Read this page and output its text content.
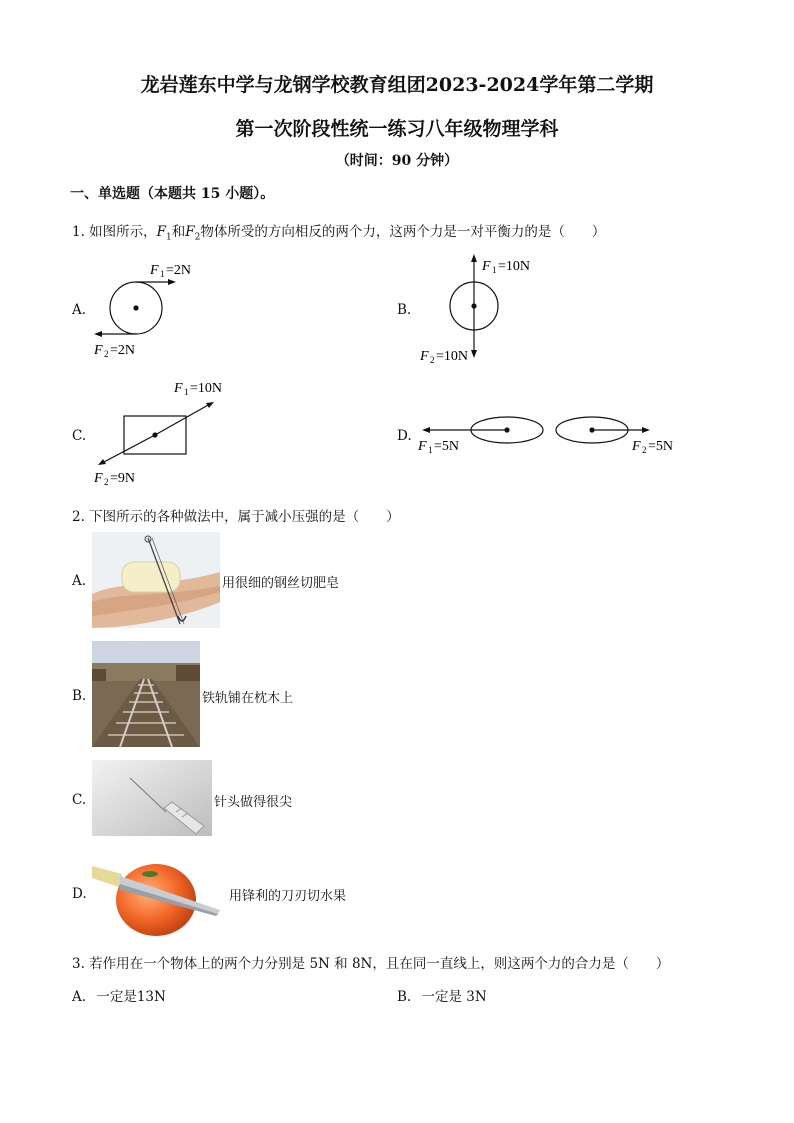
龙岩莲东中学与龙钢学校教育组团2023-2024学年第二学期
第一次阶段性统一练习八年级物理学科
（时间：90 分钟）
一、单选题（本题共 15 小题）。
1. 如图所示，$F_1$和$F_2$物体所受的方向相反的两个力，这两个力是一对平衡力的是（　　）
A.
F 1 =2N
F 2 =2N
B.
F 1 =10N
F 2 =10N
C.
F 1 =10N
F 2 =9N
D.
F 1 =5N	F 2 =5N
2. 下图所示的各种做法中，属于减小压强的是（　　）
A.	用很细的钢丝切肥皂
B.	铁轨铺在枕木上
C.	针头做得很尖
D.	用锋利的刀刃切水果
3. 若作用在一个物体上的两个力分别是 5N 和 8N，且在同一直线上，则这两个力的合力是（　　）
A. 一定是13N	B. 一定是 3N
